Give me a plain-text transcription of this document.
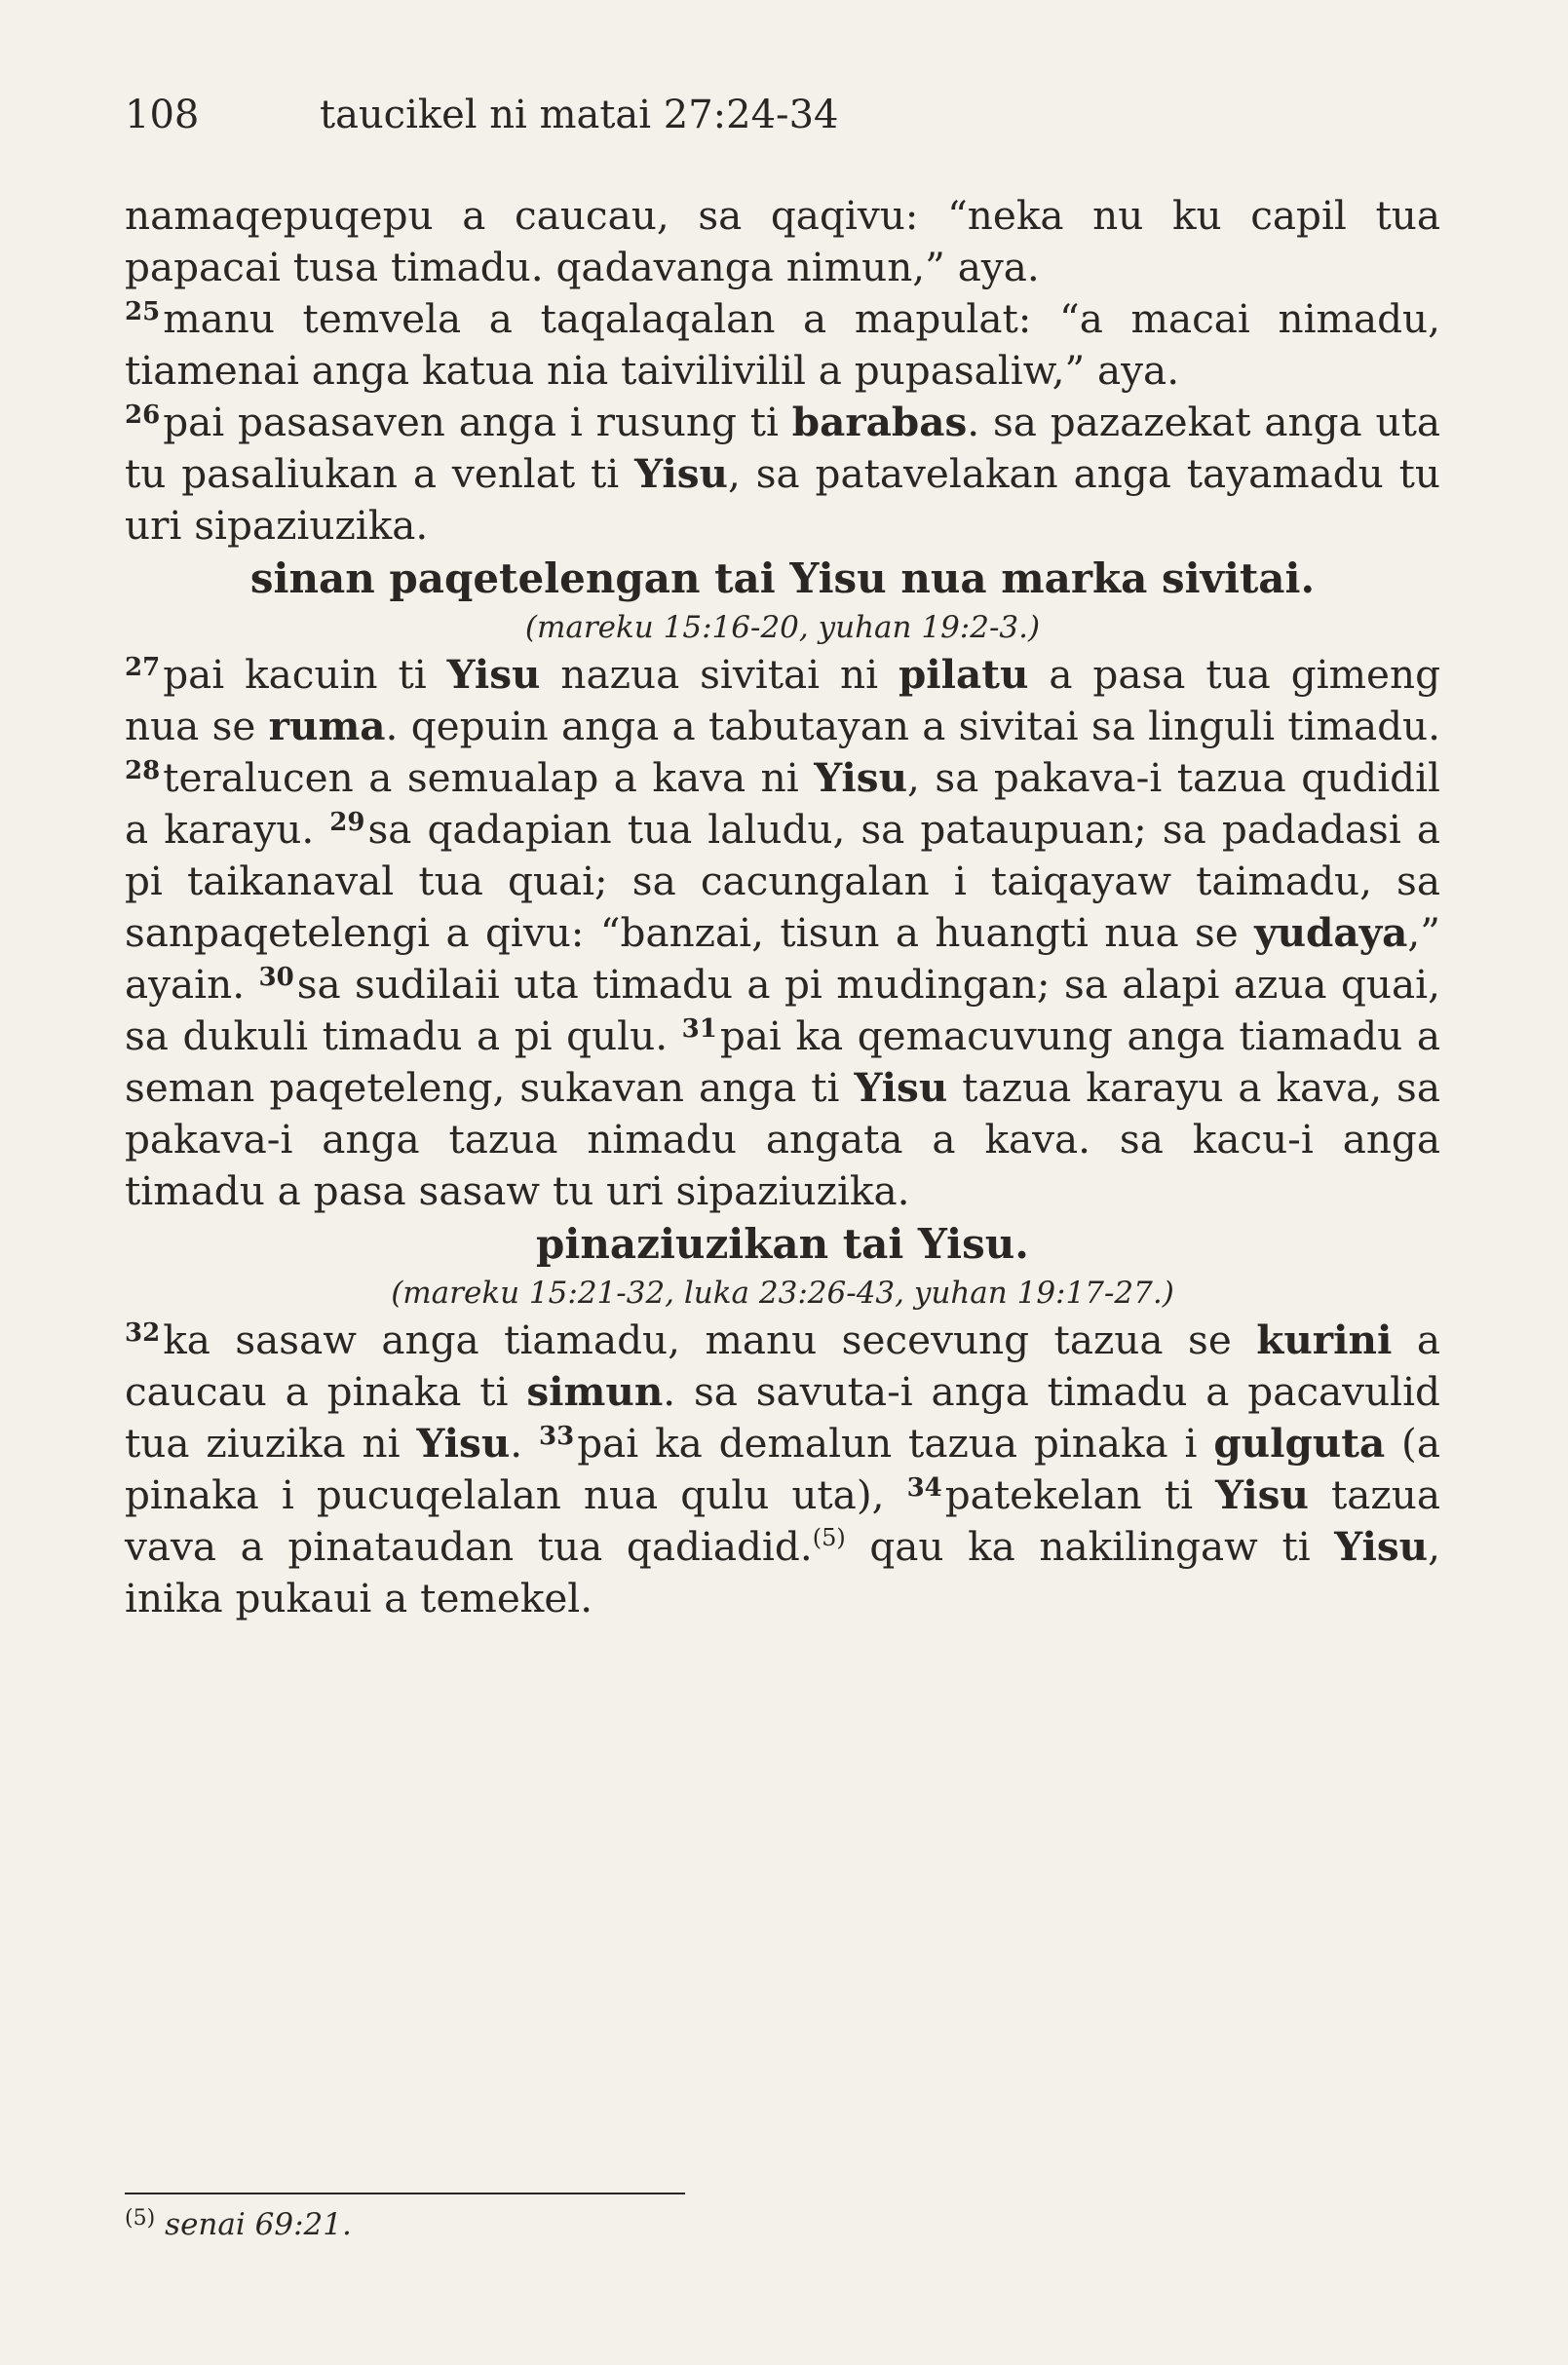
108	taucikel ni matai 27:24-34

namaqepuqepu a caucau, sa qaqivu: “neka nu ku capil tua papacai tusa timadu. qadavanga nimun,” aya.

$^{25}$manu temvela a taqalaqalan a mapulat: “a macai nimadu, tiamenai anga katua nia taivilivilil a pupasaliw,” aya.

$^{26}$pai pasasaven anga i rusung ti barabas. sa pazazekat anga uta tu pasaliukan a venlat ti Yisu, sa patavelakan anga tayamadu tu uri sipaziuzika.

sinan paqetelengan tai Yisu nua marka sivitai.

(mareku 15:16-20, yuhan 19:2-3.)

$^{27}$pai kacuin ti Yisu nazua sivitai ni pilatu a pasa tua gimeng nua se ruma. qepuin anga a tabutayan a sivitai sa linguli timadu. $^{28}$teralucen a semualap a kava ni Yisu, sa pakava-i tazua qudidil a karayu. $^{29}$sa qadapian tua laludu, sa pataupuan; sa padadasi a pi taikanaval tua quai; sa cacungalan i taiqayaw taimadu, sa sanpaqetelengi a qivu: “banzai, tisun a huangti nua se yudaya,” ayain. $^{30}$sa sudilaii uta timadu a pi mudingan; sa alapi azua quai, sa dukuli timadu a pi qulu. $^{31}$pai ka qemacuvung anga tiamadu a seman paqeteleng, sukavan anga ti Yisu tazua karayu a kava, sa pakava-i anga tazua nimadu angata a kava. sa kacu-i anga timadu a pasa sasaw tu uri sipaziuzika.

pinaziuzikan tai Yisu.

(mareku 15:21-32, luka 23:26-43, yuhan 19:17-27.)

$^{32}$ka sasaw anga tiamadu, manu secevung tazua se kurini a caucau a pinaka ti simun. sa savuta-i anga timadu a pacavulid tua ziuzika ni Yisu. $^{33}$pai ka demalun tazua pinaka i gulguta (a pinaka i pucuqelalan nua qulu uta), $^{34}$patekelan ti Yisu tazua vava a pinataudan tua qadiadid.$^{(5)}$ qau ka nakilingaw ti Yisu, inika pukaui a temekel.

$^{(5)}$ senai 69:21.
